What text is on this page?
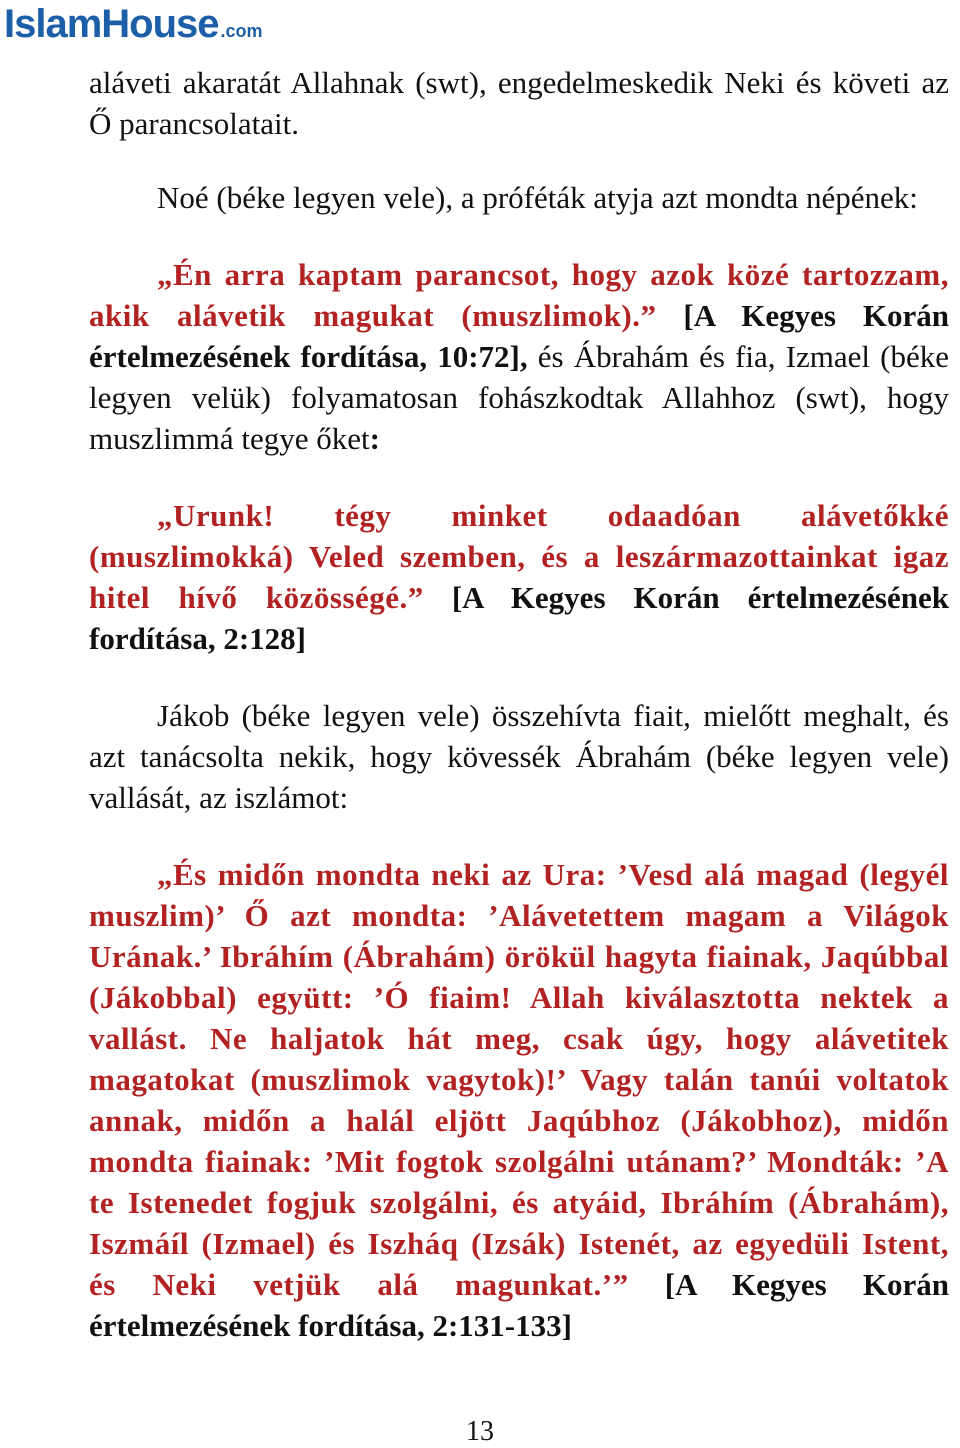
IslamHouse .com

aláveti akaratát Allahnak (swt), engedelmeskedik Neki és követi az Ő parancsolatait.

Noé (béke legyen vele), a próféták atyja azt mondta népének:

„Én arra kaptam parancsot, hogy azok közé tartozzam, akik alávetik magukat (muszlimok).” [A Kegyes Korán értelmezésének fordítása, 10:72], és Ábrahám és fia, Izmael (béke legyen velük) folyamatosan fohászkodtak Allahhoz (swt), hogy muszlimmá tegye őket:

„Urunk! tégy minket odaadóan alávetőkké (muszlimokká) Veled szemben, és a leszármazottainkat igaz hitel hívő közösségé.” [A Kegyes Korán értelmezésének fordítása, 2:128]

Jákob (béke legyen vele) összehívta fiait, mielőtt meghalt, és azt tanácsolta nekik, hogy kövessék Ábrahám (béke legyen vele) vallását, az iszlámot:

„És midőn mondta neki az Ura: ’Vesd alá magad (legyél muszlim)’ Ő azt mondta: ’Alávetettem magam a Világok Urának.’ Ibráhím (Ábrahám) örökül hagyta fiainak, Jaqúbbal (Jákobbal) együtt: ’Ó fiaim! Allah kiválasztotta nektek a vallást. Ne haljatok hát meg, csak úgy, hogy alávetitek magatokat (muszlimok vagytok)!’ Vagy talán tanúi voltatok annak, midőn a halál eljött Jaqúbhoz (Jákobhoz), midőn mondta fiainak: ’Mit fogtok szolgálni utánam?’ Mondták: ’A te Istenedet fogjuk szolgálni, és atyáid, Ibráhím (Ábrahám), Iszmáíl (Izmael) és Iszháq (Izsák) Istenét, az egyedüli Istent, és Neki vetjük alá magunkat.’” [A Kegyes Korán értelmezésének fordítása, 2:131-133]

13
